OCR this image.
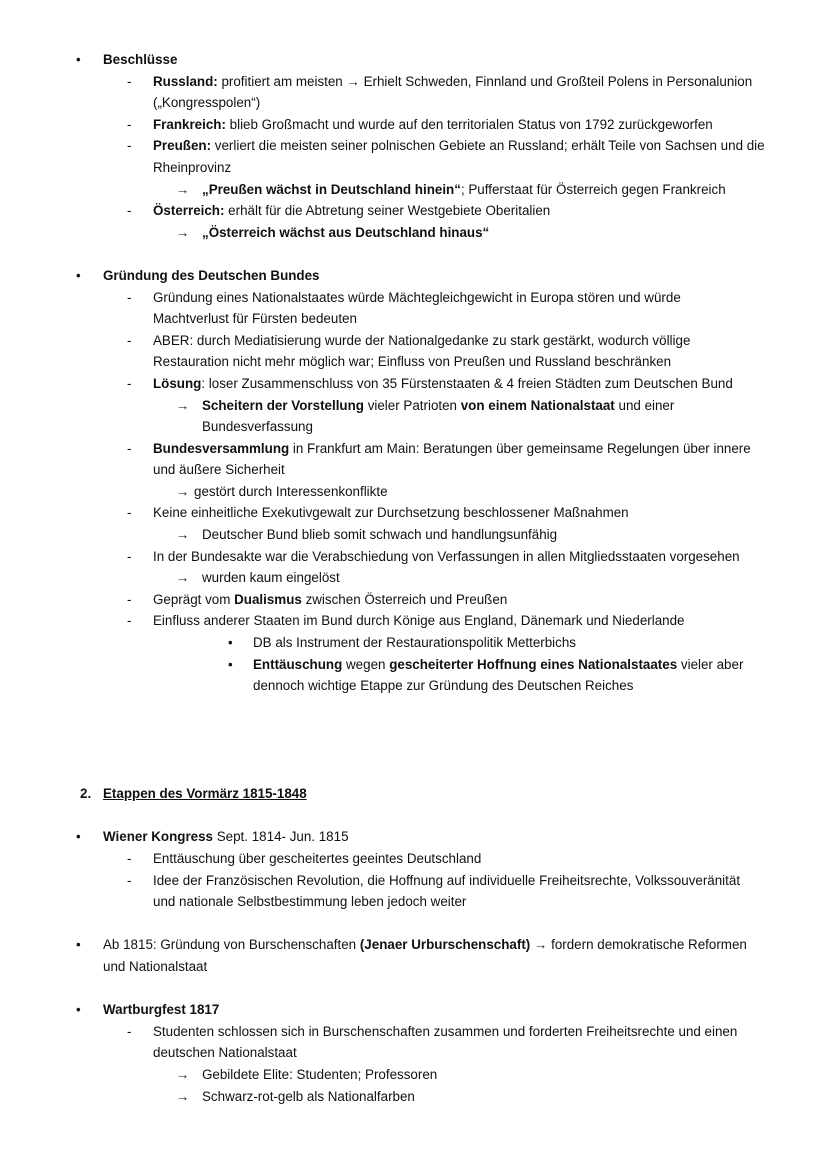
• Beschlüsse
- Russland: profitiert am meisten → Erhielt Schweden, Finnland und Großteil Polens in Personalunion
(„Kongresspolen“)
- Frankreich: blieb Großmacht und wurde auf den territorialen Status von 1792 zurückgeworfen
- Preußen: verliert die meisten seiner polnischen Gebiete an Russland; erhält Teile von Sachsen und die
Rheinprovinz
→ „Preußen wächst in Deutschland hinein“; Pufferstaat für Österreich gegen Frankreich
- Österreich: erhält für die Abtretung seiner Westgebiete Oberitalien
→ „Österreich wächst aus Deutschland hinaus“
• Gründung des Deutschen Bundes
- Gründung eines Nationalstaates würde Mächtegleichgewicht in Europa stören und würde
Machtverlust für Fürsten bedeuten
- ABER: durch Mediatisierung wurde der Nationalgedanke zu stark gestärkt, wodurch völlige
Restauration nicht mehr möglich war; Einfluss von Preußen und Russland beschränken
- Lösung: loser Zusammenschluss von 35 Fürstenstaaten & 4 freien Städten zum Deutschen Bund
→ Scheitern der Vorstellung vieler Patrioten von einem Nationalstaat und einer
Bundesverfassung
- Bundesversammlung in Frankfurt am Main: Beratungen über gemeinsame Regelungen über innere
und äußere Sicherheit
→ gestört durch Interessenkonflikte
- Keine einheitliche Exekutivgewalt zur Durchsetzung beschlossener Maßnahmen
→ Deutscher Bund blieb somit schwach und handlungsunfähig
- In der Bundesakte war die Verabschiedung von Verfassungen in allen Mitgliedsstaaten vorgesehen
→ wurden kaum eingelöst
- Geprägt vom Dualismus zwischen Österreich und Preußen
- Einfluss anderer Staaten im Bund durch Könige aus England, Dänemark und Niederlande
• DB als Instrument der Restaurationspolitik Metterbichs
• Enttäuschung wegen gescheiterter Hoffnung eines Nationalstaates vieler aber
dennoch wichtige Etappe zur Gründung des Deutschen Reiches
2. Etappen des Vormärz 1815-1848
• Wiener Kongress Sept. 1814- Jun. 1815
- Enttäuschung über gescheitertes geeintes Deutschland
- Idee der Französischen Revolution, die Hoffnung auf individuelle Freiheitsrechte, Volkssouveränität
und nationale Selbstbestimmung leben jedoch weiter
• Ab 1815: Gründung von Burschenschaften (Jenaer Urburschenschaft) → fordern demokratische Reformen
und Nationalstaat
• Wartburgfest 1817
- Studenten schlossen sich in Burschenschaften zusammen und forderten Freiheitsrechte und einen
deutschen Nationalstaat
→ Gebildete Elite: Studenten; Professoren
→ Schwarz-rot-gelb als Nationalfarben
